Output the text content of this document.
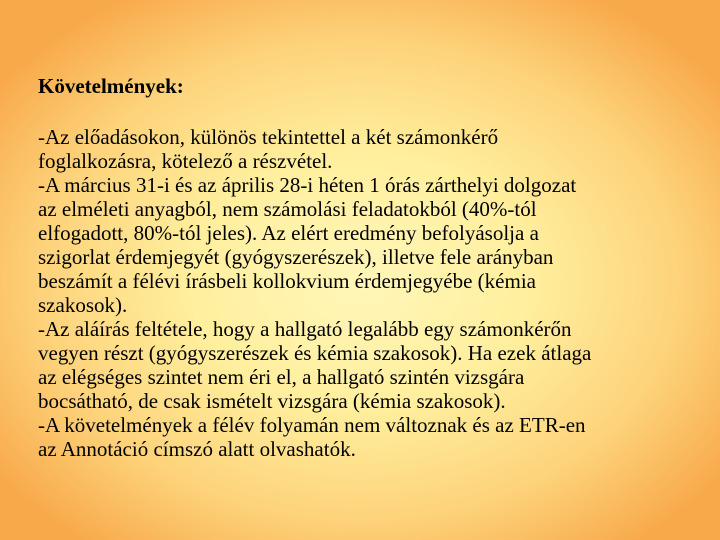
Követelmények:
-Az előadásokon, különös tekintettel a két számonkérő
foglalkozásra, kötelező a részvétel.
-A március 31-i és az április 28-i héten 1 órás zárthelyi dolgozat
az elméleti anyagból, nem számolási feladatokból (40%-tól
elfogadott, 80%-tól jeles). Az elért eredmény befolyásolja a
szigorlat érdemjegyét (gyógyszerészek), illetve fele arányban
beszámít a félévi írásbeli kollokvium érdemjegyébe (kémia
szakosok).
-Az aláírás feltétele, hogy a hallgató legalább egy számonkérőn
vegyen részt (gyógyszerészek és kémia szakosok). Ha ezek átlaga
az elégséges szintet nem éri el, a hallgató szintén vizsgára
bocsátható, de csak ismételt vizsgára (kémia szakosok).
-A követelmények a félév folyamán nem változnak és az ETR-en
az Annotáció címszó alatt olvashatók.
